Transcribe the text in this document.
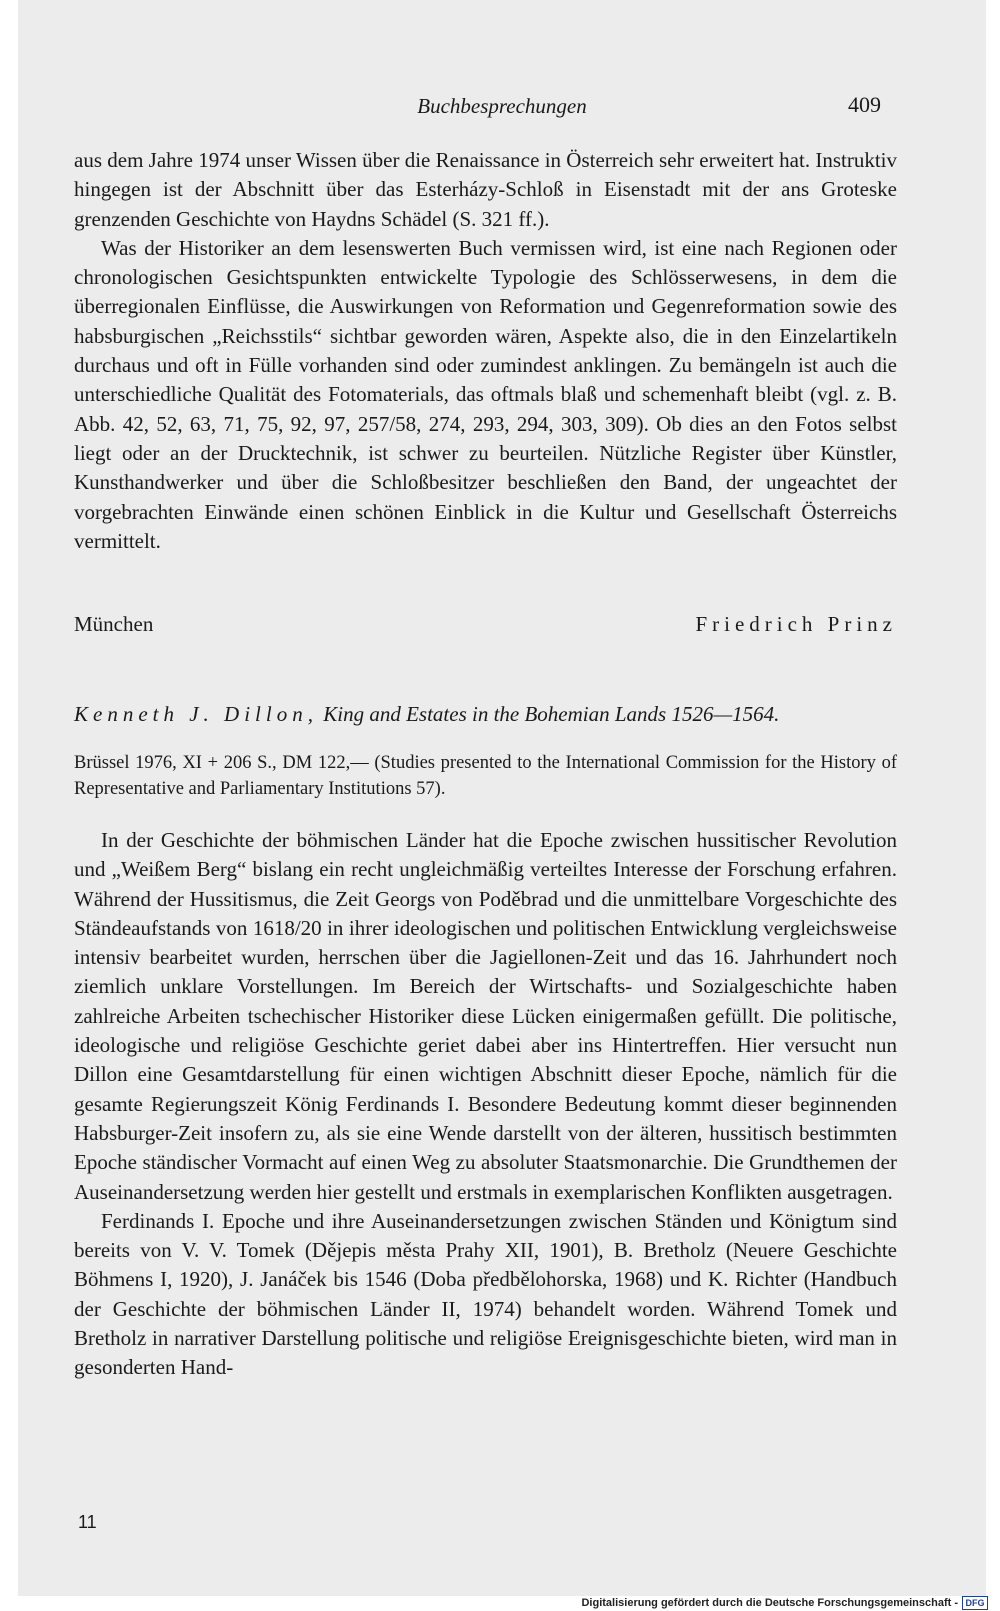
Buchbesprechungen	409

aus dem Jahre 1974 unser Wissen über die Renaissance in Österreich sehr erweitert hat. Instruktiv hingegen ist der Abschnitt über das Esterházy-Schloß in Eisenstadt mit der ans Groteske grenzenden Geschichte von Haydns Schädel (S. 321 ff.).

Was der Historiker an dem lesenswerten Buch vermissen wird, ist eine nach Regionen oder chronologischen Gesichtspunkten entwickelte Typologie des Schlösserwesens, in dem die überregionalen Einflüsse, die Auswirkungen von Reformation und Gegenreformation sowie des habsburgischen „Reichsstils“ sichtbar geworden wären, Aspekte also, die in den Einzelartikeln durchaus und oft in Fülle vorhanden sind oder zumindest anklingen. Zu bemängeln ist auch die unterschiedliche Qualität des Fotomaterials, das oftmals blaß und schemenhaft bleibt (vgl. z. B. Abb. 42, 52, 63, 71, 75, 92, 97, 257/58, 274, 293, 294, 303, 309). Ob dies an den Fotos selbst liegt oder an der Drucktechnik, ist schwer zu beurteilen. Nützliche Register über Künstler, Kunsthandwerker und über die Schloßbesitzer beschließen den Band, der ungeachtet der vorgebrachten Einwände einen schönen Einblick in die Kultur und Gesellschaft Österreichs vermittelt.

München	Friedrich Prinz
Kenneth J. Dillon, King and Estates in the Bohemian Lands 1526—1564.
Brüssel 1976, XI + 206 S., DM 122,— (Studies presented to the International Commission for the History of Representative and Parliamentary Institutions 57).

In der Geschichte der böhmischen Länder hat die Epoche zwischen hussitischer Revolution und „Weißem Berg“ bislang ein recht ungleichmäßig verteiltes Interesse der Forschung erfahren. Während der Hussitismus, die Zeit Georgs von Poděbrad und die unmittelbare Vorgeschichte des Ständeaufstands von 1618/20 in ihrer ideologischen und politischen Entwicklung vergleichsweise intensiv bearbeitet wurden, herrschen über die Jagiellonen-Zeit und das 16. Jahrhundert noch ziemlich unklare Vorstellungen. Im Bereich der Wirtschafts- und Sozialgeschichte haben zahlreiche Arbeiten tschechischer Historiker diese Lücken einigermaßen gefüllt. Die politische, ideologische und religiöse Geschichte geriet dabei aber ins Hintertreffen. Hier versucht nun Dillon eine Gesamtdarstellung für einen wichtigen Abschnitt dieser Epoche, nämlich für die gesamte Regierungszeit König Ferdinands I. Besondere Bedeutung kommt dieser beginnenden Habsburger-Zeit insofern zu, als sie eine Wende darstellt von der älteren, hussitisch bestimmten Epoche ständischer Vormacht auf einen Weg zu absoluter Staatsmonarchie. Die Grundthemen der Auseinandersetzung werden hier gestellt und erstmals in exemplarischen Konflikten ausgetragen.

Ferdinands I. Epoche und ihre Auseinandersetzungen zwischen Ständen und Königtum sind bereits von V. V. Tomek (Dějepis města Prahy XII, 1901), B. Bretholz (Neuere Geschichte Böhmens I, 1920), J. Janáček bis 1546 (Doba předbělohorska, 1968) und K. Richter (Handbuch der Geschichte der böhmischen Länder II, 1974) behandelt worden. Während Tomek und Bretholz in narrativer Darstellung politische und religiöse Ereignisgeschichte bieten, wird man in gesonderten Hand-

11
Digitalisierung gefördert durch die Deutsche Forschungsgemeinschaft - DFG
